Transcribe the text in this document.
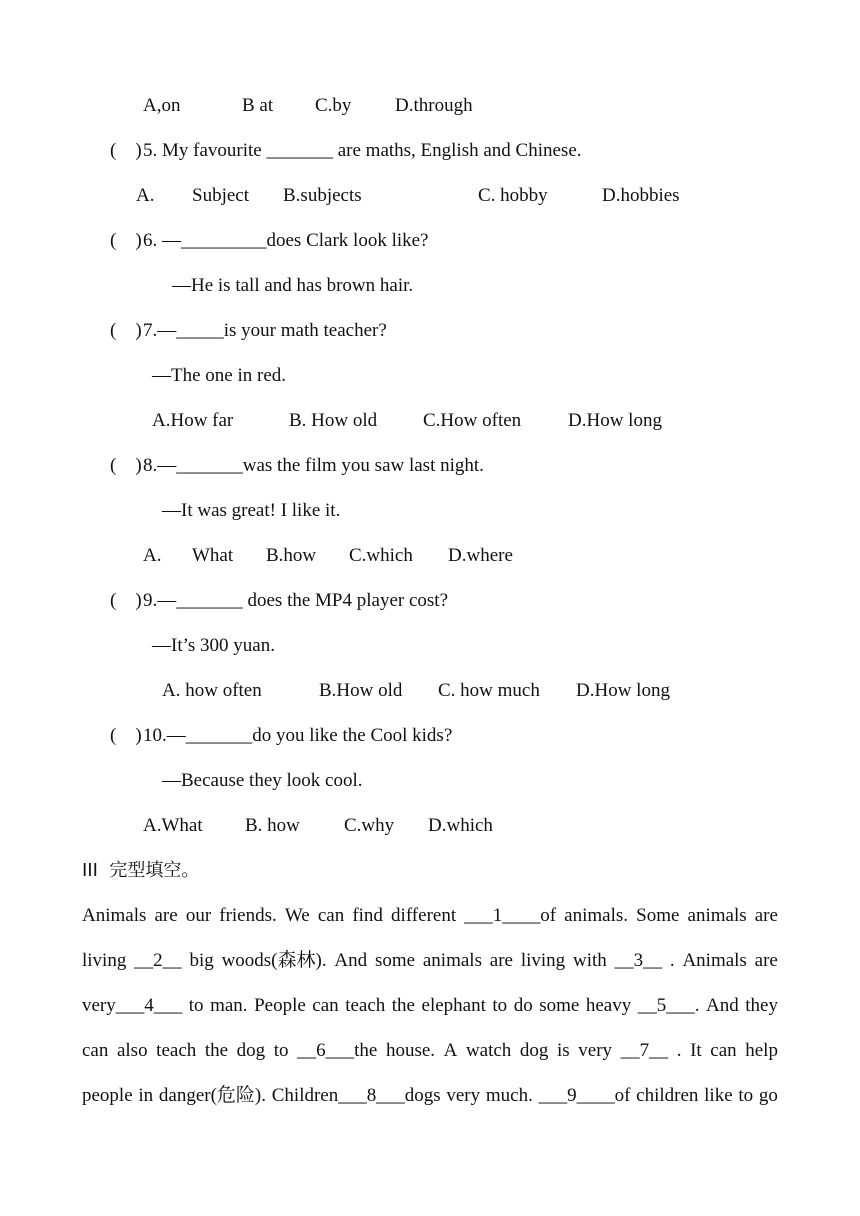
A,on	B at C.by D.through
(    ) 5. My favourite _______ are maths, English and Chinese.
A. Subject B.subjects	C. hobby	D.hobbies
(    ) 6. —_________does Clark look like?
—He is tall and has brown hair.
(    ) 7.—_____is your math teacher?
—The one in red.
A.How far	B. How old C.How often D.How long
(    ) 8.—_______was the film you saw last night.
—It was great! I like it.
A. What B.how C.which D.where
(    ) 9.—_______ does the MP4 player cost?
—It’s 300 yuan.
A. how often	B.How old C. how much D.How long
(    ) 10.—_______do you like the Cool kids?
—Because they look cool.
A.What B. how C.why D.which
III  完型填空。
Animals are our friends. We can find different ___1____of animals. Some animals are
living __2__ big woods(森林). And some animals are living with __3__ . Animals are
very___4___ to man. People can teach the elephant to do some heavy __5___. And they
can also teach the dog to __6___the house. A watch dog is very __7__ . It can help
people in danger(危险). Children___8___dogs very much. ___9____of children like to go
